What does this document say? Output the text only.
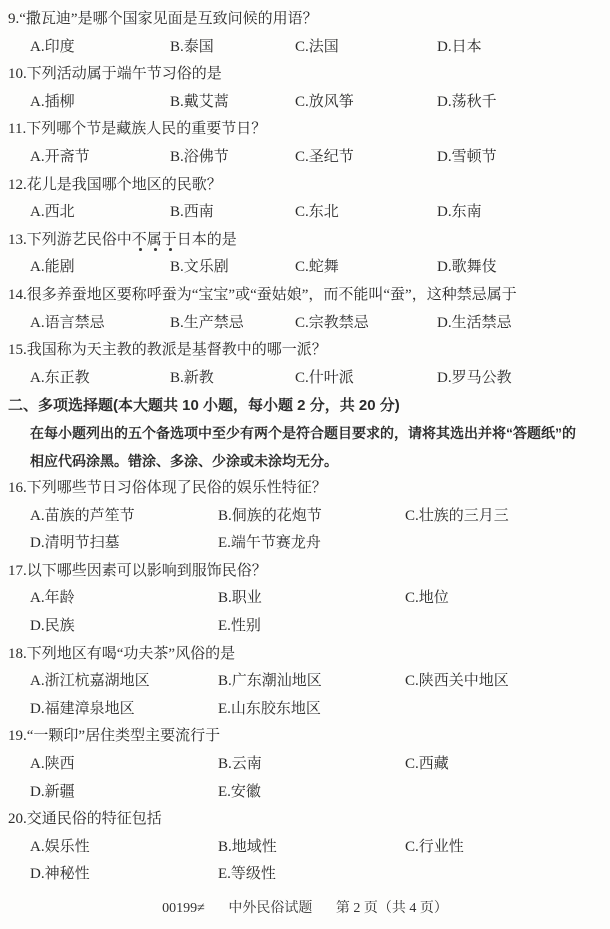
9.“撒瓦迪”是哪个国家见面是互致问候的用语？
A.印度	B.泰国	C.法国	D.日本
10.下列活动属于端午节习俗的是
A.插柳	B.戴艾蒿	C.放风筝	D.荡秋千
11.下列哪个节是藏族人民的重要节日？
A.开斋节	B.浴佛节	C.圣纪节	D.雪顿节
12.花儿是我国哪个地区的民歌？
A.西北	B.西南	C.东北	D.东南
13.下列游艺民俗中不属于日本的是
A.能剧	B.文乐剧	C.蛇舞	D.歌舞伎
14.很多养蚕地区要称呼蚕为“宝宝”或“蚕姑娘”，而不能叫“蚕”，这种禁忌属于
A.语言禁忌	B.生产禁忌	C.宗教禁忌	D.生活禁忌
15.我国称为天主教的教派是基督教中的哪一派？
A.东正教	B.新教	C.什叶派	D.罗马公教
二、多项选择题(本大题共 10 小题，每小题 2 分，共 20 分)
在每小题列出的五个备选项中至少有两个是符合题目要求的，请将其选出并将“答题纸”的
相应代码涂黑。错涂、多涂、少涂或未涂均无分。
16.下列哪些节日习俗体现了民俗的娱乐性特征？
A.苗族的芦笙节	B.侗族的花炮节	C.壮族的三月三
D.清明节扫墓	E.端午节赛龙舟
17.以下哪些因素可以影响到服饰民俗？
A.年龄	B.职业	C.地位
D.民族	E.性别
18.下列地区有喝“功夫茶”风俗的是
A.浙江杭嘉湖地区	B.广东潮汕地区	C.陕西关中地区
D.福建漳泉地区	E.山东胶东地区
19.“一颗印”居住类型主要流行于
A.陕西	B.云南	C.西藏
D.新疆	E.安徽
20.交通民俗的特征包括
A.娱乐性	B.地域性	C.行业性
D.神秘性	E.等级性
00199≠ 中外民俗试题 第 2 页（共 4 页）
